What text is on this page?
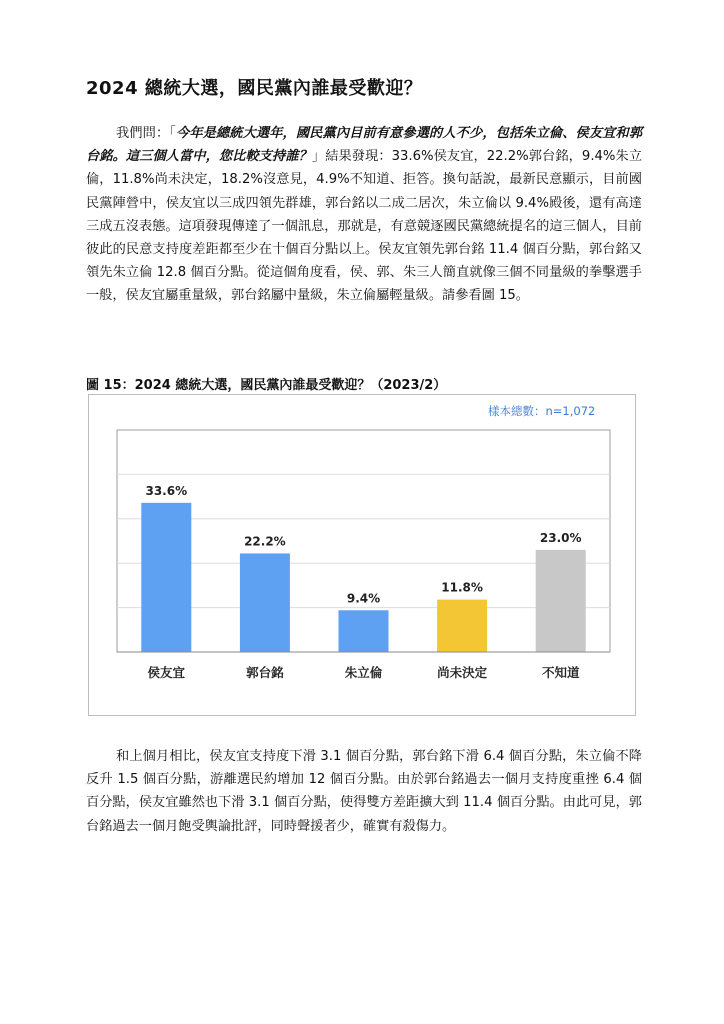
2024 總統大選，國民黨內誰最受歡迎？
我們問：「今年是總統大選年，國民黨內目前有意參選的人不少，包括朱立倫、侯友宜和郭台銘。這三個人當中，您比較支持誰？」結果發現：33.6%侯友宜，22.2%郭台銘，9.4%朱立倫，11.8%尚未決定，18.2%沒意見，4.9%不知道、拒答。換句話說，最新民意顯示，目前國民黨陣營中，侯友宜以三成四領先群雄，郭台銘以二成二居次，朱立倫以 9.4%殿後，還有高達三成五沒表態。這項發現傳達了一個訊息，那就是，有意競逐國民黨總統提名的這三個人，目前彼此的民意支持度差距都至少在十個百分點以上。侯友宜領先郭台銘 11.4 個百分點，郭台銘又領先朱立倫 12.8 個百分點。從這個角度看，侯、郭、朱三人簡直就像三個不同量級的拳擊選手一般，侯友宜屬重量級，郭台銘屬中量級，朱立倫屬輕量級。請參看圖 15。
圖 15：2024 總統大選，國民黨內誰最受歡迎？（2023/2）
樣本總數：n=1,072
33.6%
侯友宜
22.2%
郭台銘
9.4%
朱立倫
11.8%
尚未決定
23.0%
不知道
和上個月相比，侯友宜支持度下滑 3.1 個百分點，郭台銘下滑 6.4 個百分點，朱立倫不降反升 1.5 個百分點，游離選民約增加 12 個百分點。由於郭台銘過去一個月支持度重挫 6.4 個百分點，侯友宜雖然也下滑 3.1 個百分點，使得雙方差距擴大到 11.4 個百分點。由此可見，郭台銘過去一個月飽受輿論批評，同時聲援者少，確實有殺傷力。
